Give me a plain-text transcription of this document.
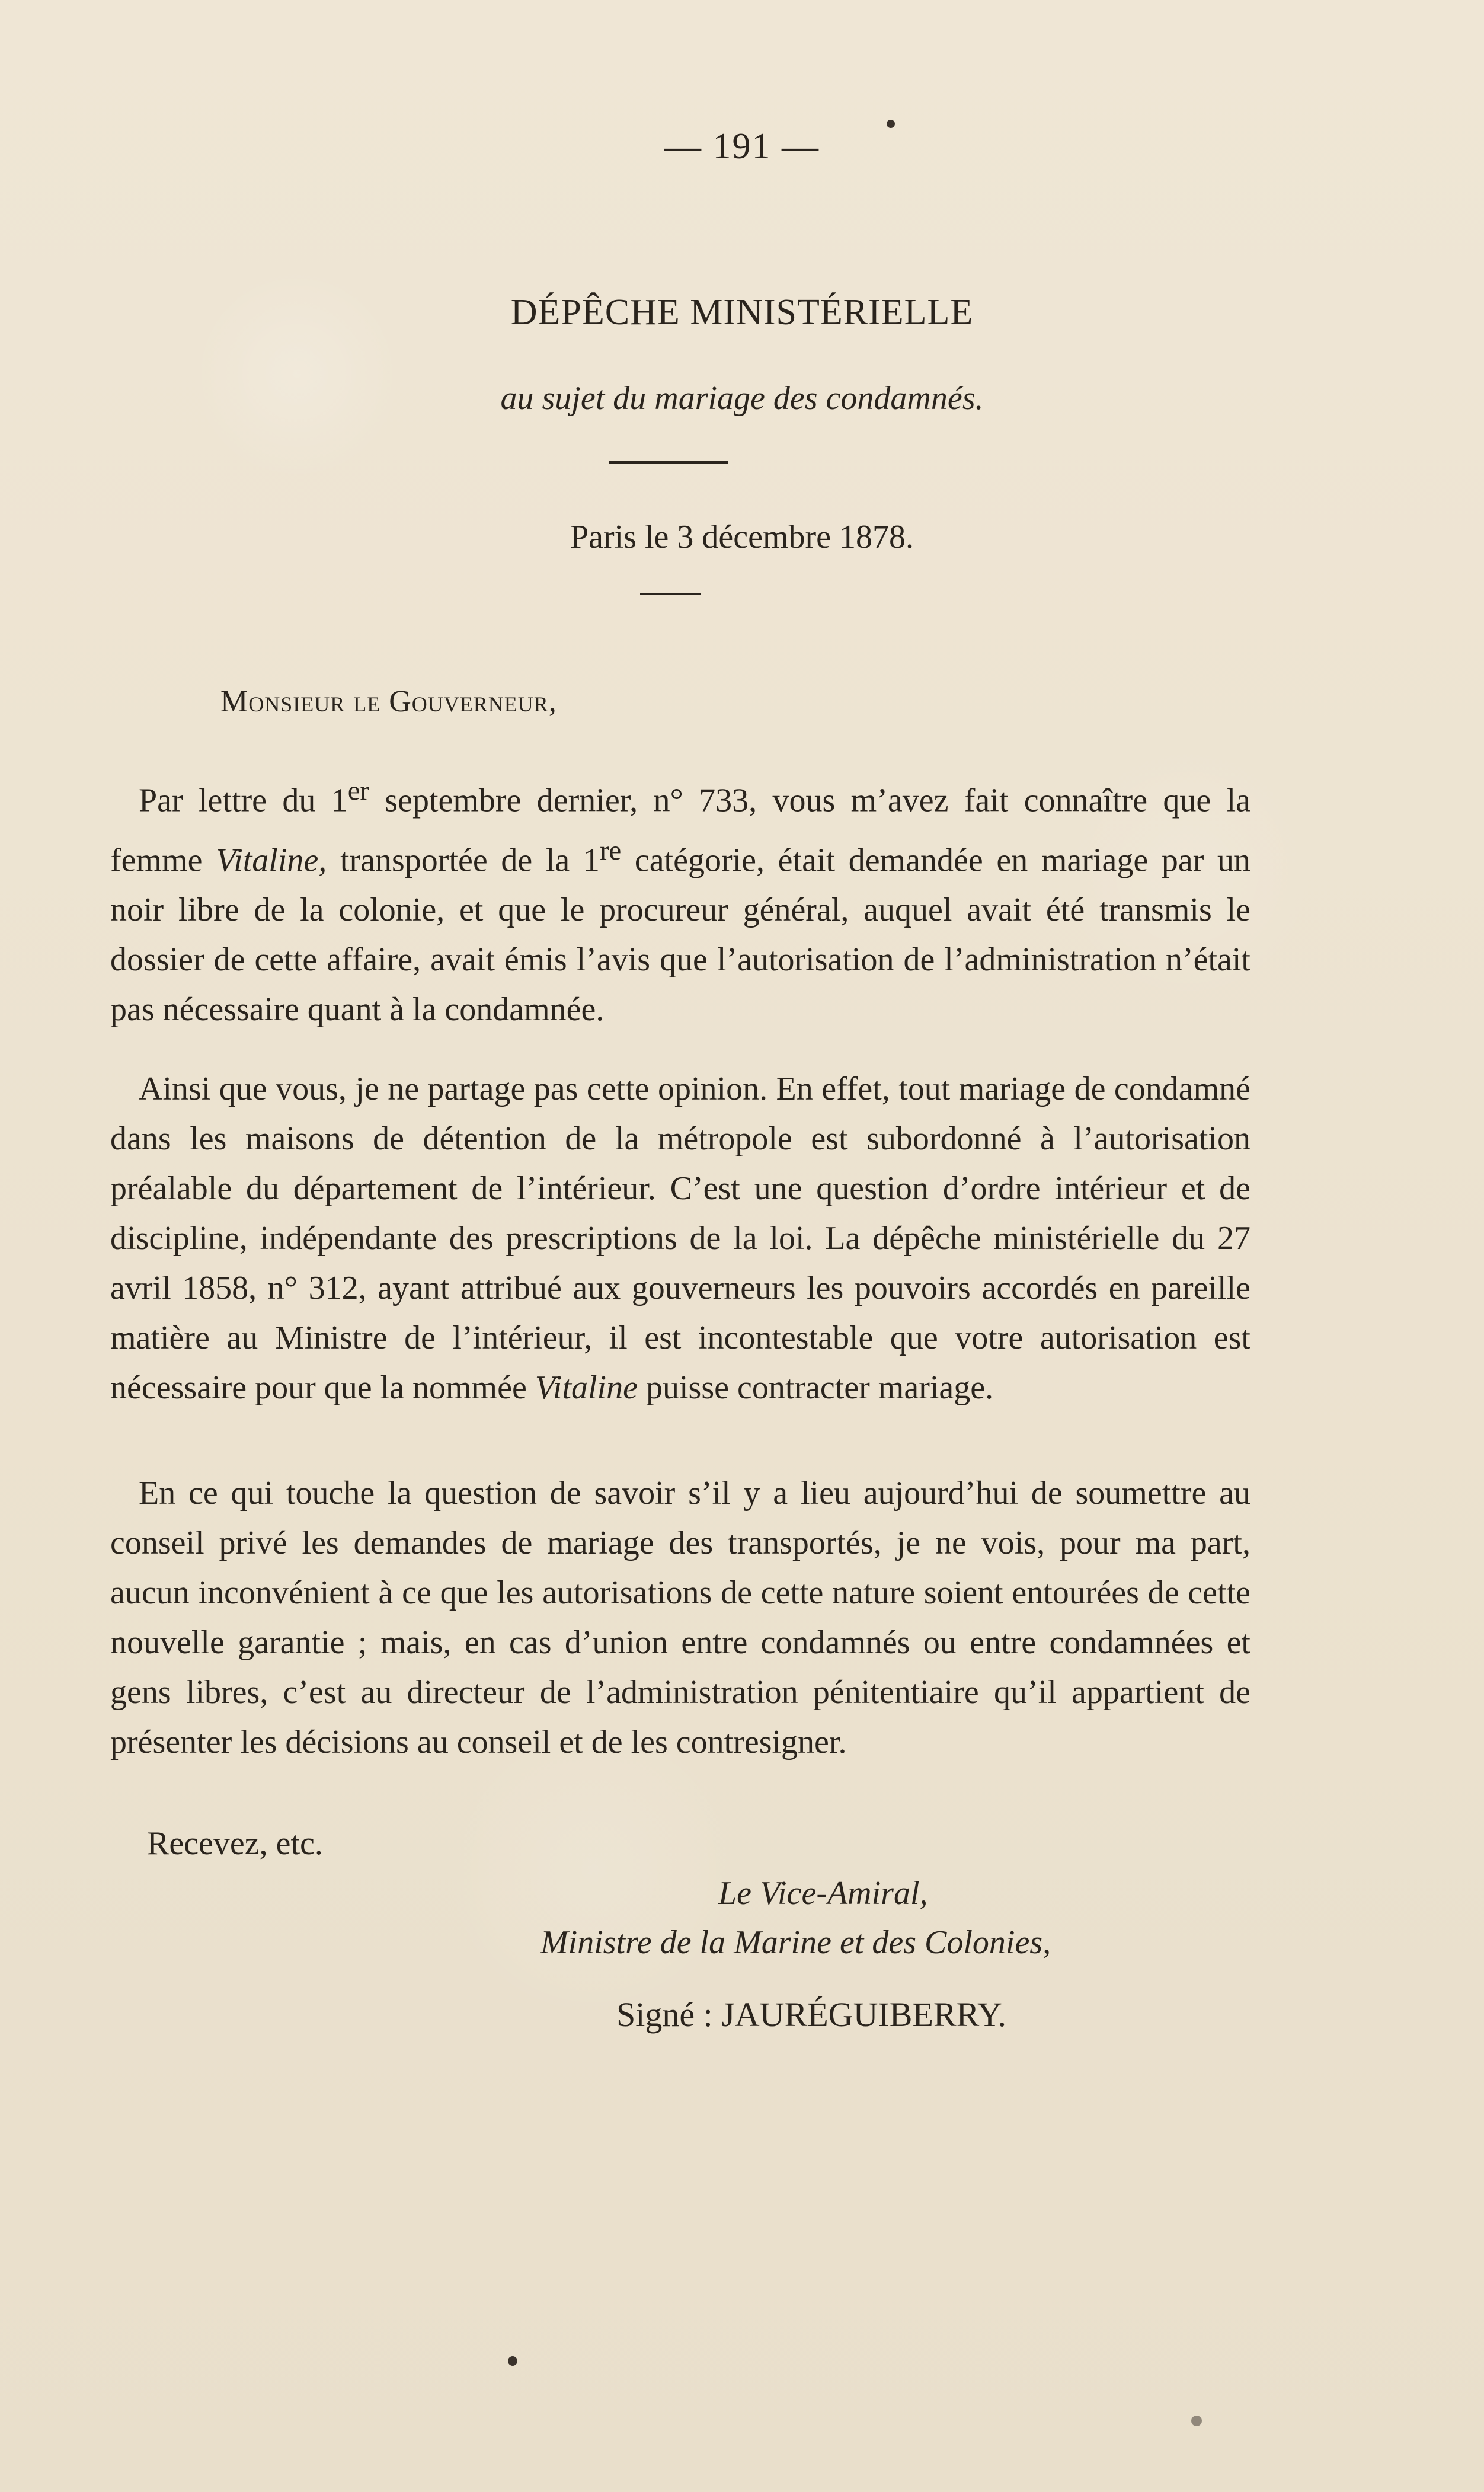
— 191 —
DÉPÊCHE MINISTÉRIELLE
au sujet du mariage des condamnés.
Paris le 3 décembre 1878.
Monsieur le Gouverneur,

Par lettre du 1er septembre dernier, n° 733, vous m’avez fait connaître que la femme Vitaline, transportée de la 1re catégorie, était demandée en mariage par un noir libre de la colonie, et que le procureur général, auquel avait été transmis le dossier de cette affaire, avait émis l’avis que l’autorisation de l’administration n’était pas nécessaire quant à la condamnée.

Ainsi que vous, je ne partage pas cette opinion. En effet, tout mariage de condamné dans les maisons de détention de la métropole est subordonné à l’autorisation préalable du département de l’intérieur. C’est une question d’ordre intérieur et de discipline, indépendante des prescriptions de la loi. La dépêche ministérielle du 27 avril 1858, n° 312, ayant attribué aux gouverneurs les pouvoirs accordés en pareille matière au Ministre de l’intérieur, il est incontestable que votre autorisation est nécessaire pour que la nommée Vitaline puisse contracter mariage.

En ce qui touche la question de savoir s’il y a lieu aujourd’hui de soumettre au conseil privé les demandes de mariage des transportés, je ne vois, pour ma part, aucun inconvénient à ce que les autorisations de cette nature soient entourées de cette nouvelle garantie ; mais, en cas d’union entre condamnés ou entre condamnées et gens libres, c’est au directeur de l’administration pénitentiaire qu’il appartient de présenter les décisions au conseil et de les contresigner.

Recevez, etc.
Le Vice-Amiral,
Ministre de la Marine et des Colonies,
Signé : JAURÉGUIBERRY.
